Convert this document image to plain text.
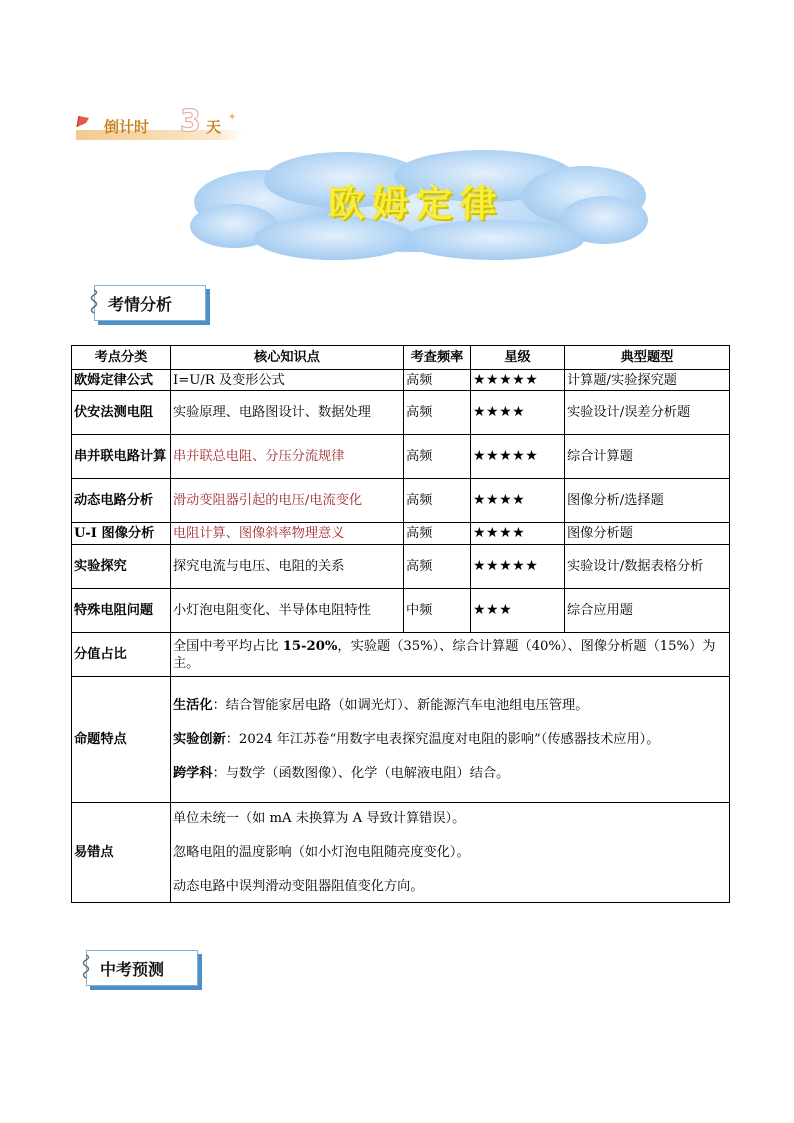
倒计时 3 天
✦
欧姆定律
考情分析
考点分类	核心知识点	考查频率	星级	典型题型
欧姆定律公式	I=U/R 及变形公式	高频	★★★★★	计算题/实验探究题
伏安法测电阻	实验原理、电路图设计、数据处理	高频	★★★★	实验设计/误差分析题
串并联电路计算	串并联总电阻、分压分流规律	高频	★★★★★	综合计算题
动态电路分析	滑动变阻器引起的电压/电流变化	高频	★★★★	图像分析/选择题
U-I 图像分析	电阻计算、图像斜率物理意义	高频	★★★★	图像分析题
实验探究	探究电流与电压、电阻的关系	高频	★★★★★	实验设计/数据表格分析
特殊电阻问题	小灯泡电阻变化、半导体电阻特性	中频	★★★	综合应用题
分值占比	全国中考平均占比 15-20%，实验题（35%）、综合计算题（40%）、图像分析题（15%）为主。			
命题特点	生活化：结合智能家居电路（如调光灯）、新能源汽车电池组电压管理。

实验创新：2024 年江苏卷“用数字电表探究温度对电阻的影响”（传感器技术应用）。

跨学科：与数学（函数图像）、化学（电解液电阻）结合。			

易错点	单位未统一（如 mA 未换算为 A 导致计算错误）。

忽略电阻的温度影响（如小灯泡电阻随亮度变化）。

动态电路中误判滑动变阻器阻值变化方向。			

中考预测
